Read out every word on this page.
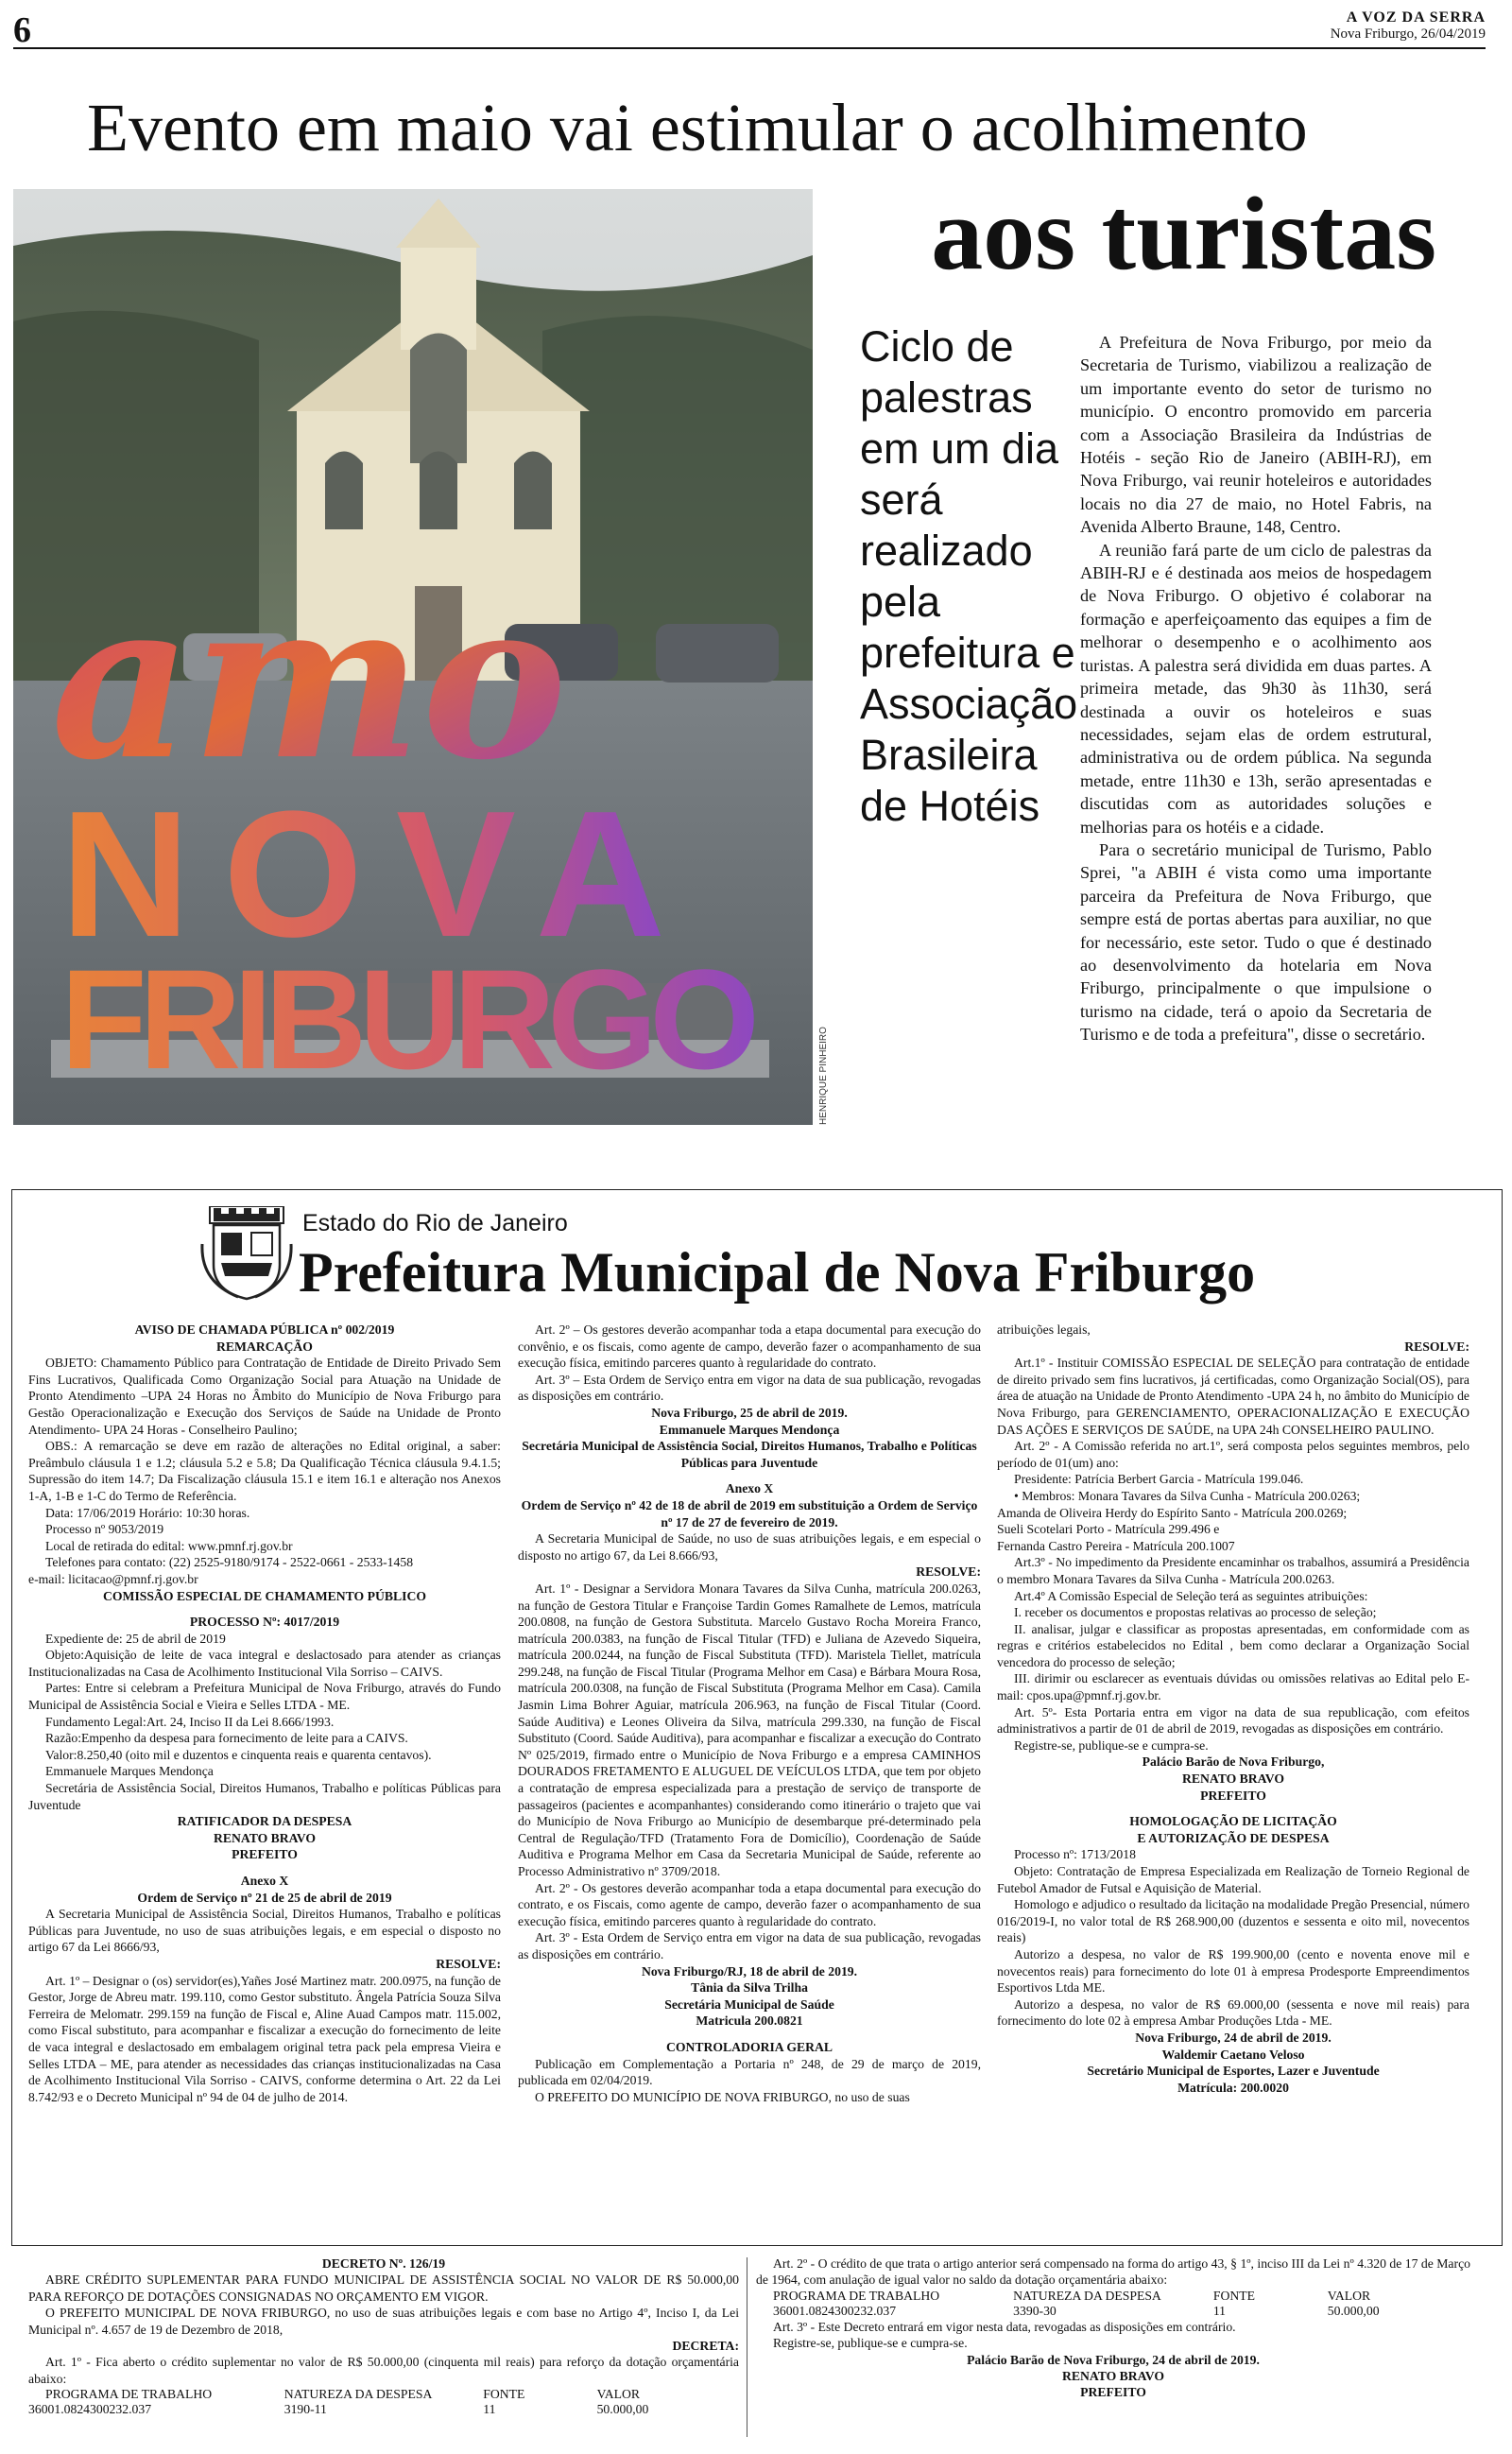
6	A VOZ DA SERRA
Nova Friburgo, 26/04/2019
Evento em maio vai estimular o acolhimento
aos turistas
amo
NOVA
FRIBURGO	HENRIQUE PINHEIRO
Ciclo de palestras em um dia será realizado pela prefeitura e Associação Brasileira de Hotéis

A Prefeitura de Nova Friburgo, por meio da Secretaria de Turismo, viabilizou a realização de um importante evento do setor de turismo no município. O encontro promovido em parceria com a Associação Brasileira da Indústrias de Hotéis - seção Rio de Janeiro (ABIH-RJ), em Nova Friburgo, vai reunir hoteleiros e autoridades locais no dia 27 de maio, no Hotel Fabris, na Avenida Alberto Braune, 148, Centro.

A reunião fará parte de um ciclo de palestras da ABIH-RJ e é destinada aos meios de hospedagem de Nova Friburgo. O objetivo é colaborar na formação e aperfeiçoamento das equipes a fim de melhorar o desempenho e o acolhimento aos turistas. A palestra será dividida em duas partes. A primeira metade, das 9h30 às 11h30, será destinada a ouvir os hoteleiros e suas necessidades, sejam elas de ordem estrutural, administrativa ou de ordem pública. Na segunda metade, entre 11h30 e 13h, serão apresentadas e discutidas com as autoridades soluções e melhorias para os hotéis e a cidade.

Para o secretário municipal de Turismo, Pablo Sprei, "a ABIH é vista como uma importante parceira da Prefeitura de Nova Friburgo, que sempre está de portas abertas para auxiliar, no que for necessário, este setor. Tudo o que é destinado ao desenvolvimento da hotelaria em Nova Friburgo, principalmente o que impulsione o turismo na cidade, terá o apoio da Secretaria de Turismo e de toda a prefeitura", disse o secretário.

Estado do Rio de Janeiro
Prefeitura Municipal de Nova Friburgo

AVISO DE CHAMADA PÚBLICA nº 002/2019

REMARCAÇÃO

OBJETO: Chamamento Público para Contratação de Entidade de Direito Privado Sem Fins Lucrativos, Qualificada Como Organização Social para Atuação na Unidade de Pronto Atendimento –UPA 24 Horas no Âmbito do Município de Nova Friburgo para Gestão Operacionalização e Execução dos Serviços de Saúde na Unidade de Pronto Atendimento- UPA 24 Horas - Conselheiro Paulino;

OBS.: A remarcação se deve em razão de alterações no Edital original, a saber: Preâmbulo cláusula 1 e 1.2; cláusula 5.2 e 5.8; Da Qualificação Técnica cláusula 9.4.1.5; Supressão do item 14.7; Da Fiscalização cláusula 15.1 e item 16.1 e alteração nos Anexos 1-A, 1-B e 1-C do Termo de Referência.

Data: 17/06/2019 Horário: 10:30 horas.

Processo nº 9053/2019

Local de retirada do edital: www.pmnf.rj.gov.br

Telefones para contato: (22) 2525-9180/9174 - 2522-0661 - 2533-1458

e-mail: licitacao@pmnf.rj.gov.br

COMISSÃO ESPECIAL DE CHAMAMENTO PÚBLICO

PROCESSO Nº: 4017/2019

Expediente de: 25 de abril de 2019

Objeto:Aquisição de leite de vaca integral e deslactosado para atender as crianças Institucionalizadas na Casa de Acolhimento Institucional Vila Sorriso – CAIVS.

Partes: Entre si celebram a Prefeitura Municipal de Nova Friburgo, através do Fundo Municipal de Assistência Social e Vieira e Selles LTDA - ME.

Fundamento Legal:Art. 24, Inciso II da Lei 8.666/1993.

Razão:Empenho da despesa para fornecimento de leite para a CAIVS.

Valor:8.250,40 (oito mil e duzentos e cinquenta reais e quarenta centavos).

Emmanuele Marques Mendonça

Secretária de Assistência Social, Direitos Humanos, Trabalho e políticas Públicas para Juventude

RATIFICADOR DA DESPESA

RENATO BRAVO

PREFEITO

Anexo X

Ordem de Serviço nº 21 de 25 de abril de 2019

A Secretaria Municipal de Assistência Social, Direitos Humanos, Trabalho e políticas Públicas para Juventude, no uso de suas atribuições legais, e em especial o disposto no artigo 67 da Lei 8666/93,

RESOLVE:

Art. 1º – Designar o (os) servidor(es),Yañes José Martinez matr. 200.0975, na função de Gestor, Jorge de Abreu matr. 199.110, como Gestor substituto. Ângela Patrícia Souza Silva Ferreira de Melomatr. 299.159 na função de Fiscal e, Aline Auad Campos matr. 115.002, como Fiscal substituto, para acompanhar e fiscalizar a execução do fornecimento de leite de vaca integral e deslactosado em embalagem original tetra pack pela empresa Vieira e Selles LTDA – ME, para atender as necessidades das crianças institucionalizadas na Casa de Acolhimento Institucional Vila Sorriso - CAIVS, conforme determina o Art. 22 da Lei 8.742/93 e o Decreto Municipal nº 94 de 04 de julho de 2014.

Art. 2º – Os gestores deverão acompanhar toda a etapa documental para execução do convênio, e os fiscais, como agente de campo, deverão fazer o acompanhamento de sua execução física, emitindo parceres quanto à regularidade do contrato.

Art. 3º – Esta Ordem de Serviço entra em vigor na data de sua publicação, revogadas as disposições em contrário.

Nova Friburgo, 25 de abril de 2019.

Emmanuele Marques Mendonça

Secretária Municipal de Assistência Social, Direitos Humanos, Trabalho e Políticas Públicas para Juventude

Anexo X

Ordem de Serviço nº 42 de 18 de abril de 2019 em substituição a Ordem de Serviço nº 17 de 27 de fevereiro de 2019.

A Secretaria Municipal de Saúde, no uso de suas atribuições legais, e em especial o disposto no artigo 67, da Lei 8.666/93,

RESOLVE:

Art. 1º - Designar a Servidora Monara Tavares da Silva Cunha, matrícula 200.0263, na função de Gestora Titular e Françoise Tardin Gomes Ramalhete de Lemos, matrícula 200.0808, na função de Gestora Substituta. Marcelo Gustavo Rocha Moreira Franco, matrícula 200.0383, na função de Fiscal Titular (TFD) e Juliana de Azevedo Siqueira, matrícula 200.0244, na função de Fiscal Substituta (TFD). Maristela Tiellet, matrícula 299.248, na função de Fiscal Titular (Programa Melhor em Casa) e Bárbara Moura Rosa, matrícula 200.0308, na função de Fiscal Substituta (Programa Melhor em Casa). Camila Jasmin Lima Bohrer Aguiar, matrícula 206.963, na função de Fiscal Titular (Coord. Saúde Auditiva) e Leones Oliveira da Silva, matrícula 299.330, na função de Fiscal Substituto (Coord. Saúde Auditiva), para acompanhar e fiscalizar a execução do Contrato Nº 025/2019, firmado entre o Município de Nova Friburgo e a empresa CAMINHOS DOURADOS FRETAMENTO E ALUGUEL DE VEÍCULOS LTDA, que tem por objeto a contratação de empresa especializada para a prestação de serviço de transporte de passageiros (pacientes e acompanhantes) considerando como itinerário o trajeto que vai do Município de Nova Friburgo ao Município de desembarque pré-determinado pela Central de Regulação/TFD (Tratamento Fora de Domicílio), Coordenação de Saúde Auditiva e Programa Melhor em Casa da Secretaria Municipal de Saúde, referente ao Processo Administrativo nº 3709/2018.

Art. 2º - Os gestores deverão acompanhar toda a etapa documental para execução do contrato, e os Fiscais, como agente de campo, deverão fazer o acompanhamento de sua execução física, emitindo parceres quanto à regularidade do contrato.

Art. 3º - Esta Ordem de Serviço entra em vigor na data de sua publicação, revogadas as disposições em contrário.

Nova Friburgo/RJ, 18 de abril de 2019.

Tânia da Silva Trilha

Secretária Municipal de Saúde

Matricula 200.0821

CONTROLADORIA GERAL

Publicação em Complementação a Portaria nº 248, de 29 de março de 2019, publicada em 02/04/2019.

O PREFEITO DO MUNICÍPIO DE NOVA FRIBURGO, no uso de suas

atribuições legais,

RESOLVE:

Art.1º - Instituir COMISSÃO ESPECIAL DE SELEÇÃO para contratação de entidade de direito privado sem fins lucrativos, já certificadas, como Organização Social(OS), para área de atuação na Unidade de Pronto Atendimento -UPA 24 h, no âmbito do Município de Nova Friburgo, para GERENCIAMENTO, OPERACIONALIZAÇÃO E EXECUÇÃO DAS AÇÕES E SERVIÇOS DE SAÚDE, na UPA 24h CONSELHEIRO PAULINO.

Art. 2º - A Comissão referida no art.1º, será composta pelos seguintes membros, pelo período de 01(um) ano:

Presidente: Patrícia Berbert Garcia - Matrícula 199.046.

• Membros: Monara Tavares da Silva Cunha - Matrícula 200.0263;

Amanda de Oliveira Herdy do Espírito Santo - Matrícula 200.0269;

Sueli Scotelari Porto - Matrícula 299.496 e

Fernanda Castro Pereira - Matrícula 200.1007

Art.3º - No impedimento da Presidente encaminhar os trabalhos, assumirá a Presidência o membro Monara Tavares da Silva Cunha - Matrícula 200.0263.

Art.4º A Comissão Especial de Seleção terá as seguintes atribuições:

I. receber os documentos e propostas relativas ao processo de seleção;

II. analisar, julgar e classificar as propostas apresentadas, em conformidade com as regras e critérios estabelecidos no Edital , bem como declarar a Organização Social vencedora do processo de seleção;

III. dirimir ou esclarecer as eventuais dúvidas ou omissões relativas ao Edital pelo E-mail: cpos.upa@pmnf.rj.gov.br.

Art. 5º- Esta Portaria entra em vigor na data de sua republicação, com efeitos administrativos a partir de 01 de abril de 2019, revogadas as disposições em contrário.

Registre-se, publique-se e cumpra-se.

Palácio Barão de Nova Friburgo,

RENATO BRAVO

PREFEITO

HOMOLOGAÇÃO DE LICITAÇÃO

E AUTORIZAÇÃO DE DESPESA

Processo nº: 1713/2018

Objeto: Contratação de Empresa Especializada em Realização de Torneio Regional de Futebol Amador de Futsal e Aquisição de Material.

Homologo e adjudico o resultado da licitação na modalidade Pregão Presencial, número 016/2019-I, no valor total de R$ 268.900,00 (duzentos e sessenta e oito mil, novecentos reais)

Autorizo a despesa, no valor de R$ 199.900,00 (cento e noventa enove mil e novecentos reais) para fornecimento do lote 01 à empresa Prodesporte Empreendimentos Esportivos Ltda ME.

Autorizo a despesa, no valor de R$ 69.000,00 (sessenta e nove mil reais) para fornecimento do lote 02 à empresa Ambar Produções Ltda - ME.

Nova Friburgo, 24 de abril de 2019.

Waldemir Caetano Veloso

Secretário Municipal de Esportes, Lazer e Juventude

Matrícula: 200.0020

DECRETO Nº. 126/19

ABRE CRÉDITO SUPLEMENTAR PARA FUNDO MUNICIPAL DE ASSISTÊNCIA SOCIAL NO VALOR DE R$ 50.000,00 PARA REFORÇO DE DOTAÇÕES CONSIGNADAS NO ORÇAMENTO EM VIGOR.

O PREFEITO MUNICIPAL DE NOVA FRIBURGO, no uso de suas atribuições legais e com base no Artigo 4º, Inciso I, da Lei Municipal nº. 4.657 de 19 de Dezembro de 2018,

DECRETA:

Art. 1º - Fica aberto o crédito suplementar no valor de R$ 50.000,00 (cinquenta mil reais) para reforço da dotação orçamentária abaixo:

PROGRAMA DE TRABALHO	NATUREZA DA DESPESA	FONTE	VALOR
36001.0824300232.037	3190-11	11	50.000,00

Art. 2º - O crédito de que trata o artigo anterior será compensado na forma do artigo 43, § 1º, inciso III da Lei nº 4.320 de 17 de Março de 1964, com anulação de igual valor no saldo da dotação orçamentária abaixo:

PROGRAMA DE TRABALHO	NATUREZA DA DESPESA	FONTE	VALOR
36001.0824300232.037	3390-30	11	50.000,00

Art. 3º - Este Decreto entrará em vigor nesta data, revogadas as disposições em contrário.

Registre-se, publique-se e cumpra-se.

Palácio Barão de Nova Friburgo, 24 de abril de 2019.

RENATO BRAVO

PREFEITO
